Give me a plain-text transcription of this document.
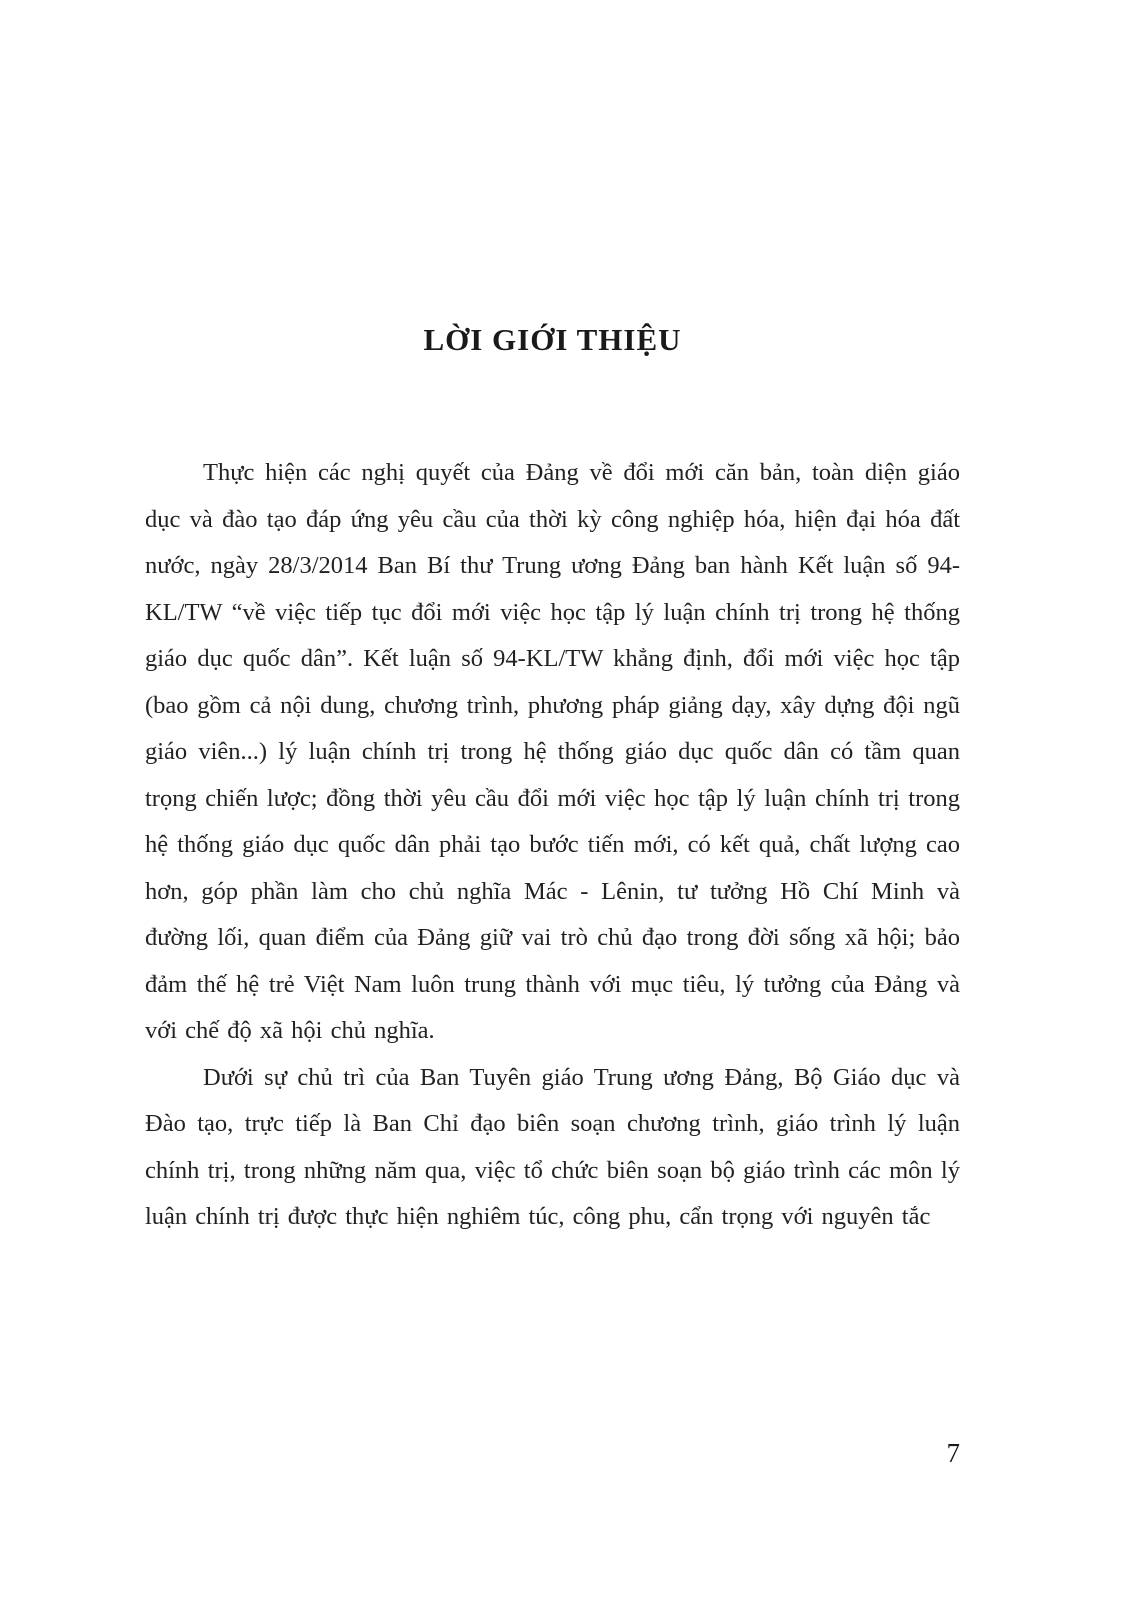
LỜI GIỚI THIỆU

Thực hiện các nghị quyết của Đảng về đổi mới căn bản, toàn diện giáo dục và đào tạo đáp ứng yêu cầu của thời kỳ công nghiệp hóa, hiện đại hóa đất nước, ngày 28/3/2014 Ban Bí thư Trung ương Đảng ban hành Kết luận số 94-KL/TW “về việc tiếp tục đổi mới việc học tập lý luận chính trị trong hệ thống giáo dục quốc dân”. Kết luận số 94-KL/TW khẳng định, đổi mới việc học tập (bao gồm cả nội dung, chương trình, phương pháp giảng dạy, xây dựng đội ngũ giáo viên...) lý luận chính trị trong hệ thống giáo dục quốc dân có tầm quan trọng chiến lược; đồng thời yêu cầu đổi mới việc học tập lý luận chính trị trong hệ thống giáo dục quốc dân phải tạo bước tiến mới, có kết quả, chất lượng cao hơn, góp phần làm cho chủ nghĩa Mác - Lênin, tư tưởng Hồ Chí Minh và đường lối, quan điểm của Đảng giữ vai trò chủ đạo trong đời sống xã hội; bảo đảm thế hệ trẻ Việt Nam luôn trung thành với mục tiêu, lý tưởng của Đảng và với chế độ xã hội chủ nghĩa.

Dưới sự chủ trì của Ban Tuyên giáo Trung ương Đảng, Bộ Giáo dục và Đào tạo, trực tiếp là Ban Chỉ đạo biên soạn chương trình, giáo trình lý luận chính trị, trong những năm qua, việc tổ chức biên soạn bộ giáo trình các môn lý luận chính trị được thực hiện nghiêm túc, công phu, cẩn trọng với nguyên tắc

7
